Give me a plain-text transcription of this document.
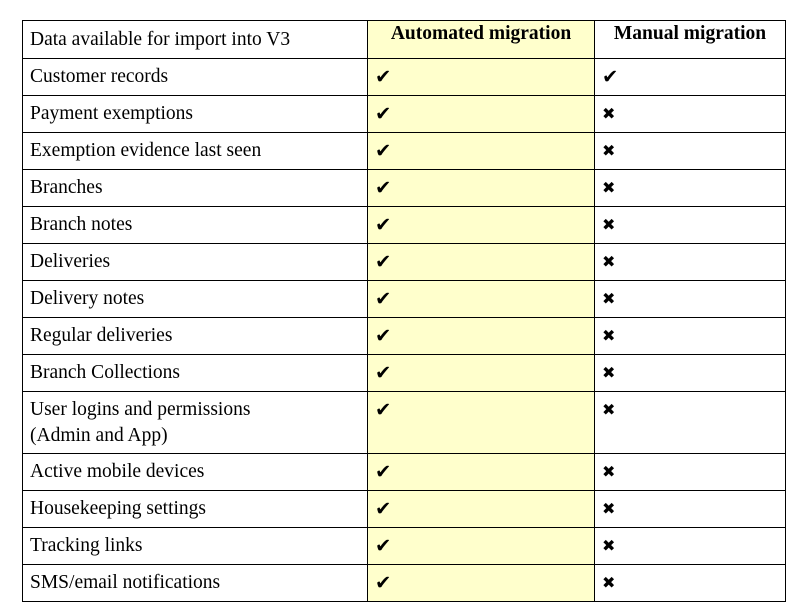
Data available for import into V3	Automated migration	Manual migration

Customer records	✔	✔

Payment exemptions	✔	✖

Exemption evidence last seen	✔	✖

Branches	✔	✖

Branch notes	✔	✖

Deliveries	✔	✖

Delivery notes	✔	✖

Regular deliveries	✔	✖

Branch Collections	✔	✖

User logins and permissions
(Admin and App)	✔	✖

Active mobile devices	✔	✖

Housekeeping settings	✔	✖

Tracking links	✔	✖

SMS/email notifications	✔	✖
